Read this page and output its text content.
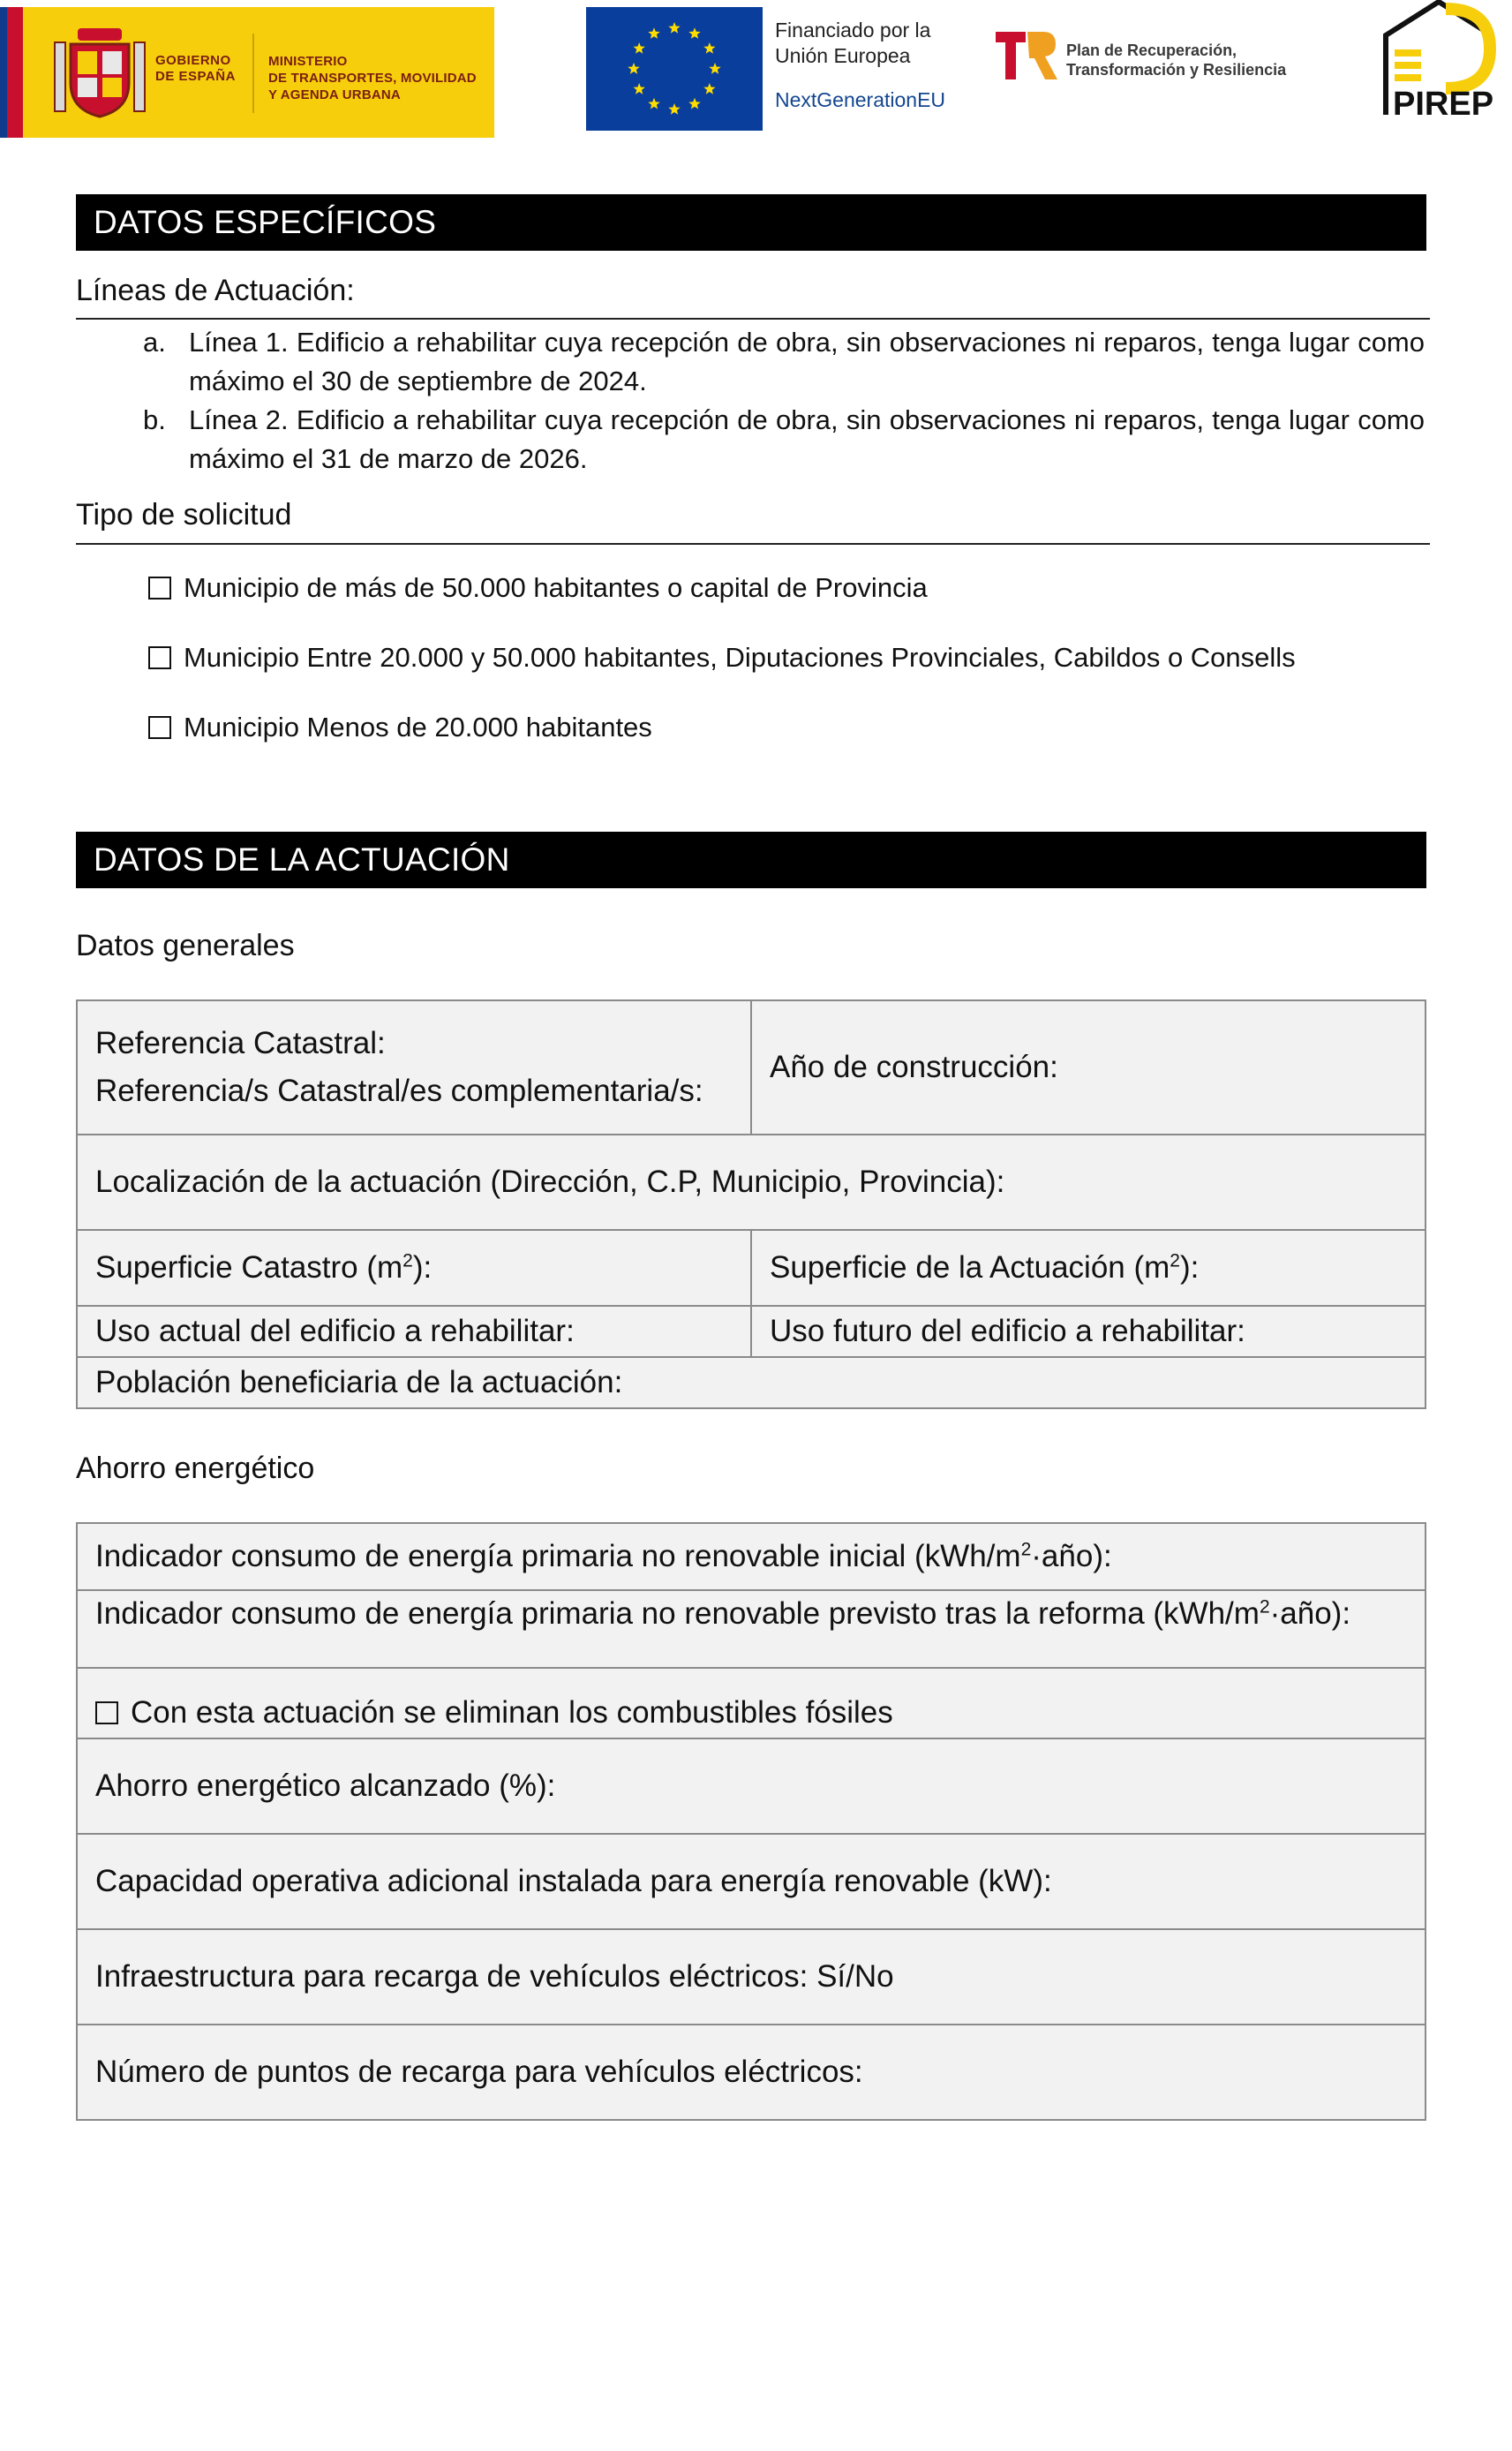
GOBIERNO
DE ESPAÑA
MINISTERIO
DE TRANSPORTES, MOVILIDAD
Y AGENDA URBANA
Financiado por la
Unión Europea
NextGenerationEU
Plan de Recuperación,
Transformación y Resiliencia
PIREP
DATOS ESPECÍFICOS
Líneas de Actuación:
a. Línea 1. Edificio a rehabilitar cuya recepción de obra, sin observaciones ni reparos, tenga lugar como máximo el 30 de septiembre de 2024.
b. Línea 2. Edificio a rehabilitar cuya recepción de obra, sin observaciones ni reparos, tenga lugar como máximo el 31 de marzo de 2026.
Tipo de solicitud
Municipio de más de 50.000 habitantes o capital de Provincia
Municipio Entre 20.000 y 50.000 habitantes, Diputaciones Provinciales, Cabildos o Consells
Municipio Menos de 20.000 habitantes
DATOS DE LA ACTUACIÓN
Datos generales
Referencia Catastral:
Referencia/s Catastral/es complementaria/s:
Año de construcción:
Localización de la actuación (Dirección, C.P, Municipio, Provincia):
Superficie Catastro $(m^2)$:	Superficie de la Actuación $(m^2)$:
Uso actual del edificio a rehabilitar:	Uso futuro del edificio a rehabilitar:
Población beneficiaria de la actuación:
Ahorro energético
Indicador consumo de energía primaria no renovable inicial $(kWh/m^2\cdot año)$:
Indicador consumo de energía primaria no renovable previsto tras la reforma $(kWh/m^2\cdot año)$:
Con esta actuación se eliminan los combustibles fósiles
Ahorro energético alcanzado (%):
Capacidad operativa adicional instalada para energía renovable (kW):
Infraestructura para recarga de vehículos eléctricos: Sí/No
Número de puntos de recarga para vehículos eléctricos:
